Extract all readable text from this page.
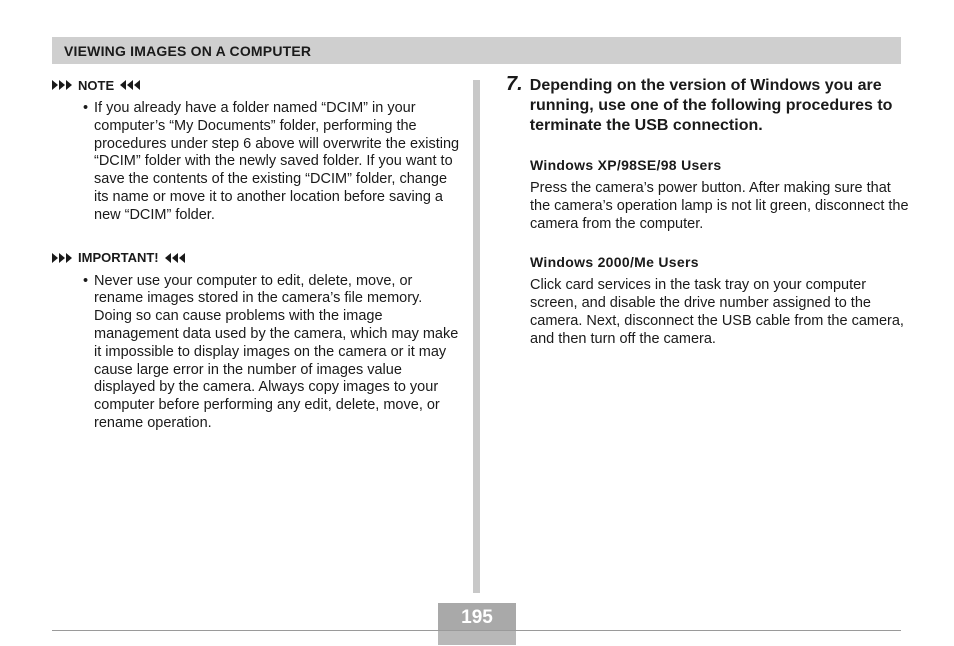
VIEWING IMAGES ON A COMPUTER
NOTE
• If you already have a folder named “DCIM” in your computer’s “My Documents” folder, performing the procedures under step 6 above will overwrite the existing “DCIM” folder with the newly saved folder. If you want to save the contents of the existing “DCIM” folder, change its name or move it to another location before saving a new “DCIM” folder.
IMPORTANT!
• Never use your computer to edit, delete, move, or rename images stored in the camera’s file memory. Doing so can cause problems with the image management data used by the camera, which may make it impossible to display images on the camera or it may cause large error in the number of images value displayed by the camera. Always copy images to your computer before performing any edit, delete, move, or rename operation.
7. Depending on the version of Windows you are running, use one of the following procedures to terminate the USB connection.
Windows XP/98SE/98 Users
Press the camera’s power button. After making sure that the camera’s operation lamp is not lit green, disconnect the camera from the computer.
Windows 2000/Me Users
Click card services in the task tray on your computer screen, and disable the drive number assigned to the camera. Next, disconnect the USB cable from the camera, and then turn off the camera.
195
